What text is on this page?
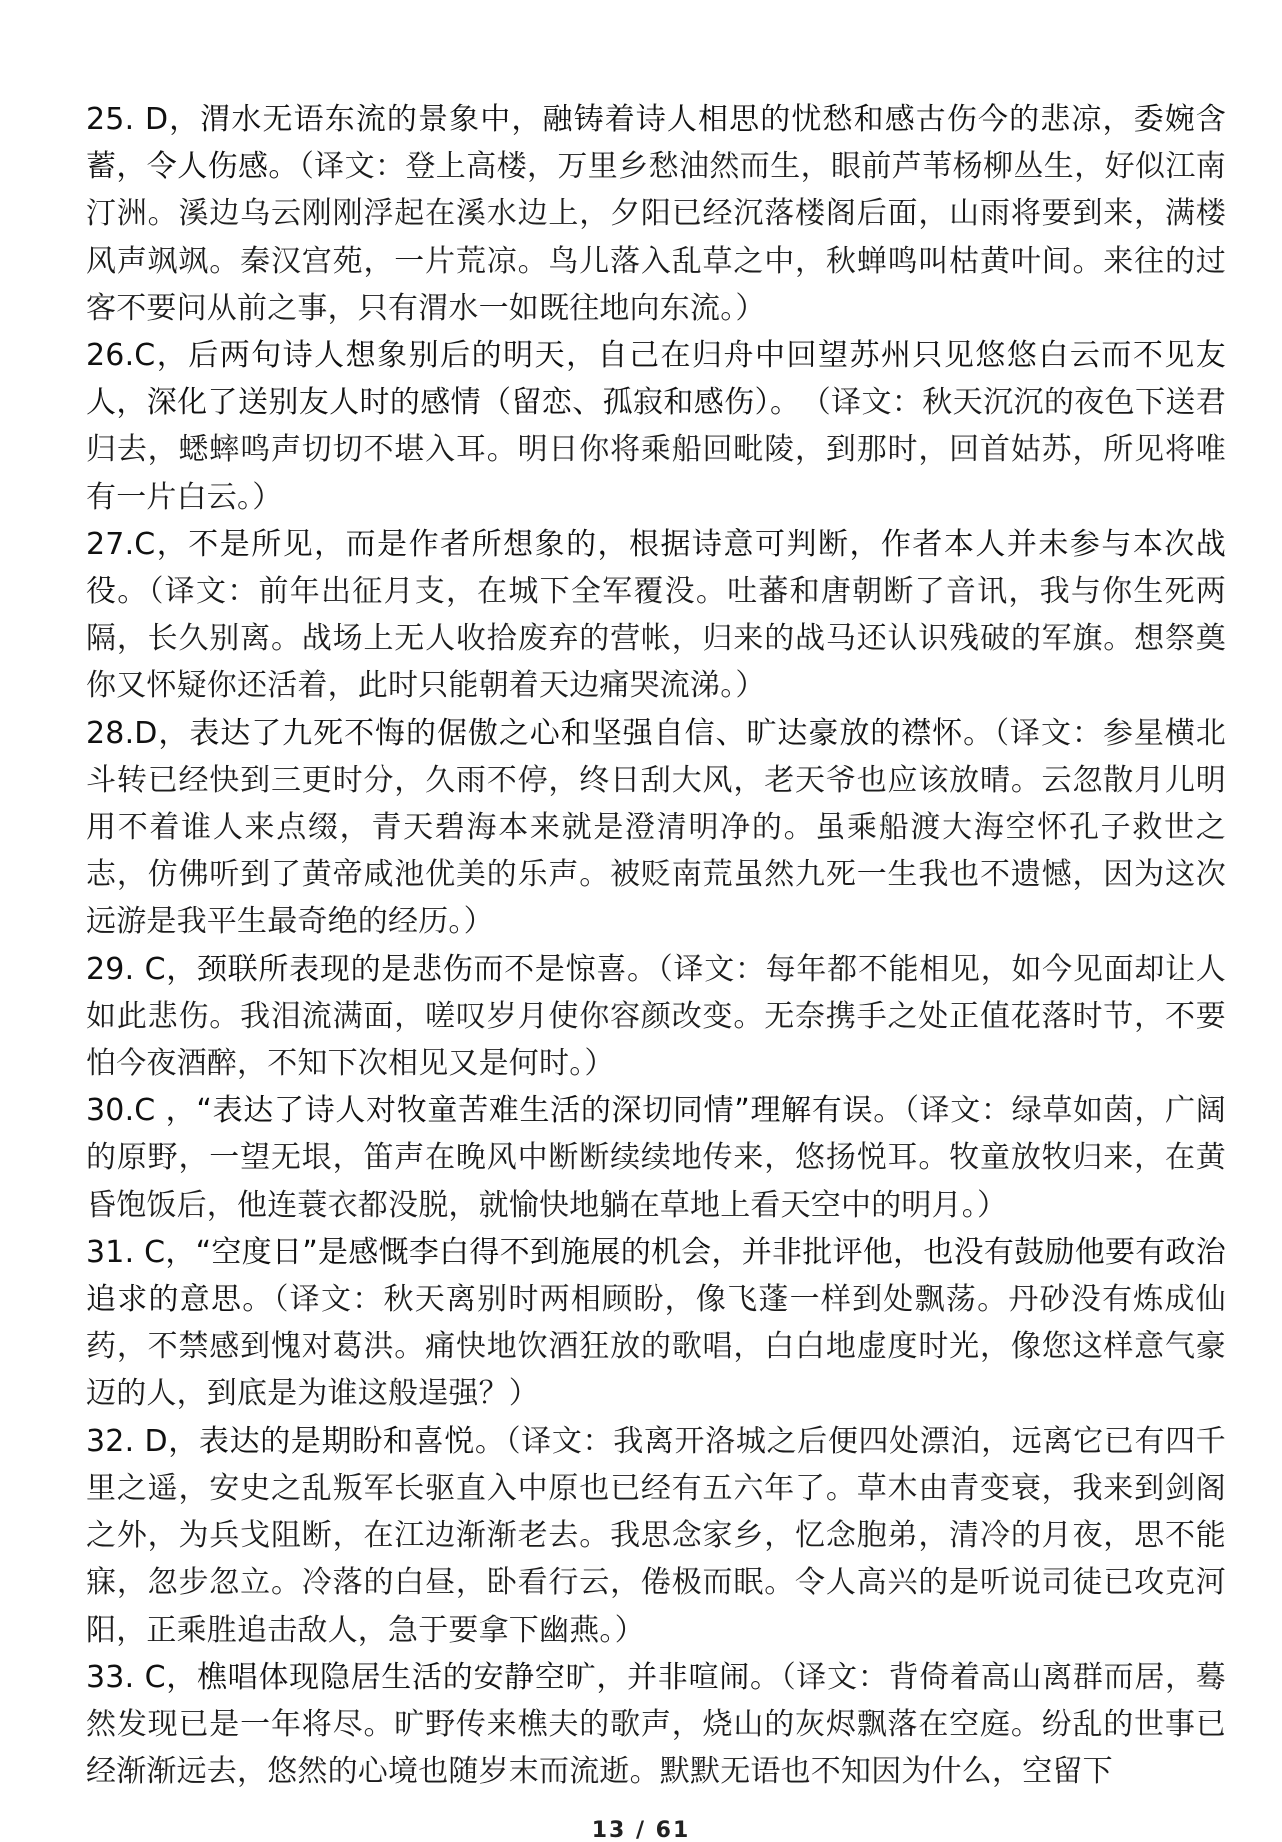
25. D，渭水无语东流的景象中，融铸着诗人相思的忧愁和感古伤今的悲凉，委婉含蓄，令人伤感。（译文：登上高楼，万里乡愁油然而生，眼前芦苇杨柳丛生，好似江南汀洲。溪边乌云刚刚浮起在溪水边上，夕阳已经沉落楼阁后面，山雨将要到来，满楼风声飒飒。秦汉宫苑，一片荒凉。鸟儿落入乱草之中，秋蝉鸣叫枯黄叶间。来往的过客不要问从前之事，只有渭水一如既往地向东流。）

26.C，后两句诗人想象别后的明天，自己在归舟中回望苏州只见悠悠白云而不见友人，深化了送别友人时的感情（留恋、孤寂和感伤）。　（译文：秋天沉沉的夜色下送君归去，蟋蟀鸣声切切不堪入耳。明日你将乘船回毗陵，到那时，回首姑苏，所见将唯有一片白云。）

27.C，不是所见，而是作者所想象的，根据诗意可判断，作者本人并未参与本次战役。（译文：前年出征月支，在城下全军覆没。吐蕃和唐朝断了音讯，我与你生死两隔，长久别离。战场上无人收拾废弃的营帐，归来的战马还认识残破的军旗。想祭奠你又怀疑你还活着，此时只能朝着天边痛哭流涕。）

28.D，表达了九死不悔的倨傲之心和坚强自信、旷达豪放的襟怀。（译文：参星横北斗转已经快到三更时分，久雨不停，终日刮大风，老天爷也应该放晴。云忽散月儿明用不着谁人来点缀，青天碧海本来就是澄清明净的。虽乘船渡大海空怀孔子救世之志，仿佛听到了黄帝咸池优美的乐声。被贬南荒虽然九死一生我也不遗憾，因为这次远游是我平生最奇绝的经历。）

29. C，颈联所表现的是悲伤而不是惊喜。（译文：每年都不能相见，如今见面却让人如此悲伤。我泪流满面，嗟叹岁月使你容颜改变。无奈携手之处正值花落时节，不要怕今夜酒醉，不知下次相见又是何时。）

30.C ，“表达了诗人对牧童苦难生活的深切同情”理解有误。（译文：绿草如茵，广阔的原野，一望无垠，笛声在晚风中断断续续地传来，悠扬悦耳。牧童放牧归来，在黄昏饱饭后，他连蓑衣都没脱，就愉快地躺在草地上看天空中的明月。）

31. C，“空度日”是感慨李白得不到施展的机会，并非批评他，也没有鼓励他要有政治追求的意思。（译文：秋天离别时两相顾盼，像飞蓬一样到处飘荡。丹砂没有炼成仙药，不禁感到愧对葛洪。痛快地饮酒狂放的歌唱，白白地虚度时光，像您这样意气豪迈的人，到底是为谁这般逞强？）

32. D，表达的是期盼和喜悦。（译文：我离开洛城之后便四处漂泊，远离它已有四千里之遥，安史之乱叛军长驱直入中原也已经有五六年了。草木由青变衰，我来到剑阁之外，为兵戈阻断，在江边渐渐老去。我思念家乡，忆念胞弟，清冷的月夜，思不能寐，忽步忽立。冷落的白昼，卧看行云，倦极而眠。令人高兴的是听说司徒已攻克河阳，正乘胜追击敌人，急于要拿下幽燕。）

33. C，樵唱体现隐居生活的安静空旷，并非喧闹。（译文：背倚着高山离群而居，蓦然发现已是一年将尽。旷野传来樵夫的歌声，烧山的灰烬飘落在空庭。纷乱的世事已经渐渐远去，悠然的心境也随岁末而流逝。默默无语也不知因为什么，空留下

13 / 61
